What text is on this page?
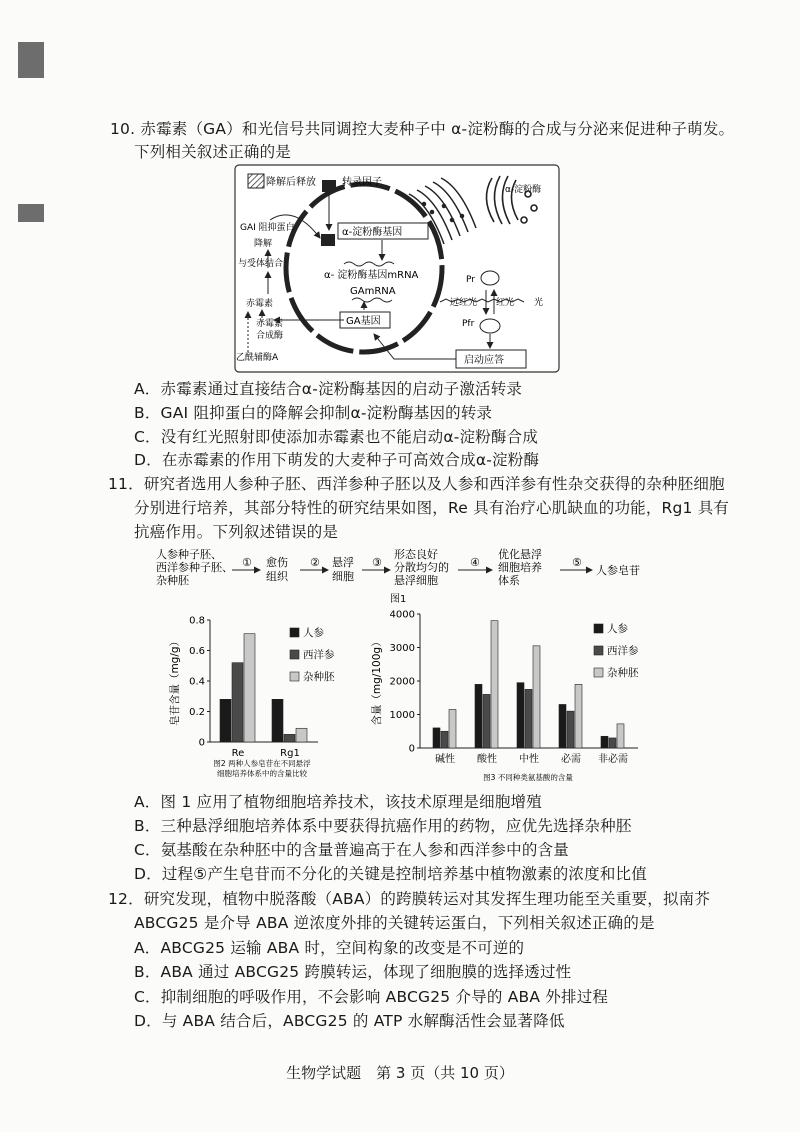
10. 赤霉素（GA）和光信号共同调控大麦种子中 α-淀粉酶的合成与分泌来促进种子萌发。
下列相关叙述正确的是
降解后释放	转录因子
α-淀粉酶基因
α- 淀粉酶基因mRNA
GAmRNA
GA基因
GAI 阻抑蛋白
降解
与受体结合
赤霉素
赤霉素
合成酶
乙酰辅酶A
α-淀粉酶
Pr
远红光 红光 光
Pfr
启动应答
A．赤霉素通过直接结合α-淀粉酶基因的启动子激活转录
B．GAI 阻抑蛋白的降解会抑制α-淀粉酶基因的转录
C．没有红光照射即使添加赤霉素也不能启动α-淀粉酶合成
D．在赤霉素的作用下萌发的大麦种子可高效合成α-淀粉酶
11．研究者选用人参种子胚、西洋参种子胚以及人参和西洋参有性杂交获得的杂种胚细胞
分别进行培养，其部分特性的研究结果如图，Re 具有治疗心肌缺血的功能，Rg1 具有
抗癌作用。下列叙述错误的是
人参种子胚、
西洋参种子胚、
杂种胚
① 愈伤
组织
② 悬浮
细胞
③
形态良好
分散均匀的
悬浮细胞
④
优化悬浮
细胞培养
体系
⑤
人参皂苷
图1
0
0.2
0.4
0.6
0.8
皂苷含量（mg/g）
Re	Rg1
人参
西洋参
杂种胚
图2 两种人参皂苷在不同悬浮
细胞培养体系中的含量比较
0
1000
2000
3000
4000
含量（mg/100g）
碱性 酸性 中性 必需 非必需
人参
西洋参
杂种胚
图3 不同种类氨基酸的含量
A．图 1 应用了植物细胞培养技术，该技术原理是细胞增殖
B．三种悬浮细胞培养体系中要获得抗癌作用的药物，应优先选择杂种胚
C．氨基酸在杂种胚中的含量普遍高于在人参和西洋参中的含量
D．过程⑤产生皂苷而不分化的关键是控制培养基中植物激素的浓度和比值
12．研究发现，植物中脱落酸（ABA）的跨膜转运对其发挥生理功能至关重要，拟南芥
ABCG25 是介导 ABA 逆浓度外排的关键转运蛋白，下列相关叙述正确的是
A．ABCG25 运输 ABA 时，空间构象的改变是不可逆的
B．ABA 通过 ABCG25 跨膜转运，体现了细胞膜的选择透过性
C．抑制细胞的呼吸作用，不会影响 ABCG25 介导的 ABA 外排过程
D．与 ABA 结合后，ABCG25 的 ATP 水解酶活性会显著降低
生物学试题　第 3 页（共 10 页）
